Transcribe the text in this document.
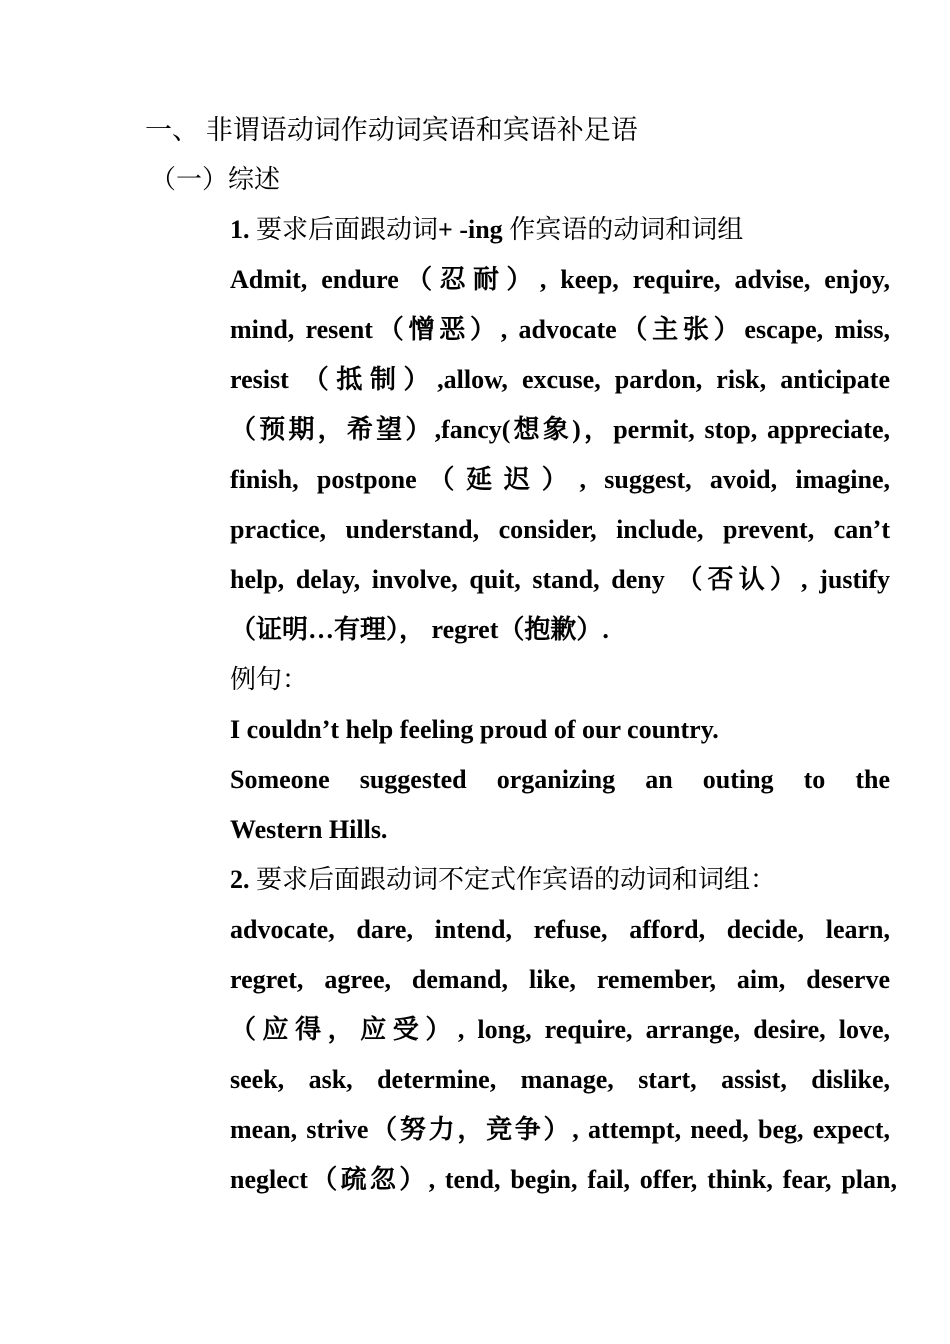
一、 非谓语动词作动词宾语和宾语补足语
（一）综述
1. 要求后面跟动词+ -ing 作宾语的动词和词组
Admit, endure（忍耐）, keep, require, advise, enjoy,
mind, resent（憎恶）, advocate（主张）escape, miss,
resist （抵制）,allow, excuse, pardon, risk, anticipate
（预期，希望）,fancy(想象)，permit, stop, appreciate,
finish, postpone（延迟）, suggest, avoid, imagine,
practice, understand, consider, include, prevent, can’t
help, delay, involve, quit, stand, deny （否认）, justify
（证明…有理）， regret（抱歉）.
例句：
I couldn’t help feeling proud of our country.
Someone suggested organizing an outing to the
Western Hills.
2. 要求后面跟动词不定式作宾语的动词和词组：
advocate, dare, intend, refuse, afford, decide, learn,
regret, agree, demand, like, remember, aim, deserve
（应得，应受）, long, require, arrange, desire, love,
seek, ask, determine, manage, start, assist, dislike,
mean, strive（努力，竞争）, attempt, need, beg, expect,
neglect（疏忽）, tend, begin, fail, offer, think, fear, plan,
